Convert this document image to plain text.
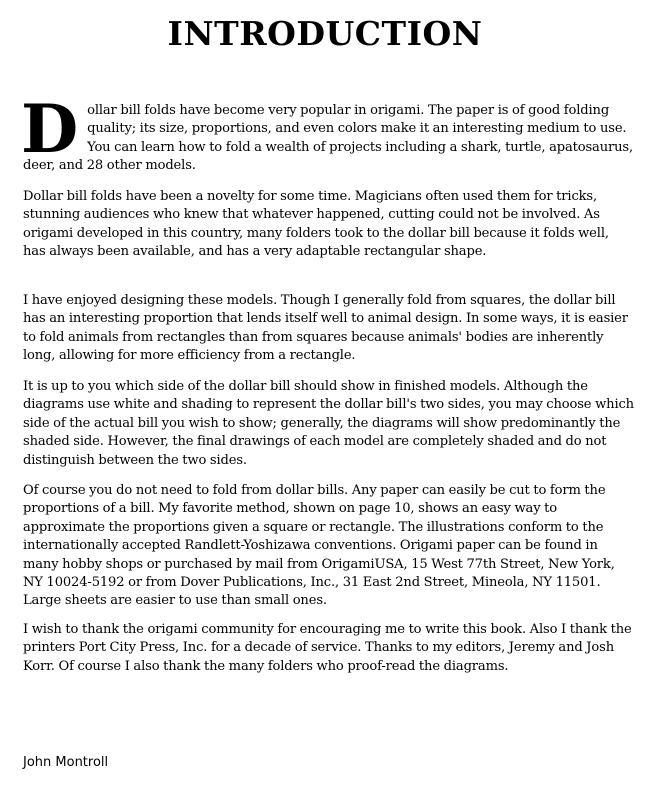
INTRODUCTION

Dollar bill folds have become very popular in origami. The paper is of good folding quality; its size, proportions, and even colors make it an interesting medium to use. You can learn how to fold a wealth of projects including a shark, turtle, apatosaurus, deer, and 28 other models.

Dollar bill folds have been a novelty for some time. Magicians often used them for tricks, stunning audiences who knew that whatever happened, cutting could not be involved. As origami developed in this country, many folders took to the dollar bill because it folds well, has always been available, and has a very adaptable rectangular shape.

I have enjoyed designing these models. Though I generally fold from squares, the dollar bill has an interesting proportion that lends itself well to animal design. In some ways, it is easier to fold animals from rectangles than from squares because animals' bodies are inherently long, allowing for more efficiency from a rectangle.

It is up to you which side of the dollar bill should show in finished models. Although the diagrams use white and shading to represent the dollar bill's two sides, you may choose which side of the actual bill you wish to show; generally, the diagrams will show predominantly the shaded side. However, the final drawings of each model are completely shaded and do not distinguish between the two sides.

Of course you do not need to fold from dollar bills. Any paper can easily be cut to form the proportions of a bill. My favorite method, shown on page 10, shows an easy way to approximate the proportions given a square or rectangle. The illustrations conform to the internationally accepted Randlett-Yoshizawa conventions. Origami paper can be found in many hobby shops or purchased by mail from OrigamiUSA, 15 West 77th Street, New York, NY 10024-5192 or from Dover Publications, Inc., 31 East 2nd Street, Mineola, NY 11501. Large sheets are easier to use than small ones.

I wish to thank the origami community for encouraging me to write this book. Also I thank the printers Port City Press, Inc. for a decade of service. Thanks to my editors, Jeremy and Josh Korr. Of course I also thank the many folders who proof-read the diagrams.

John Montroll
